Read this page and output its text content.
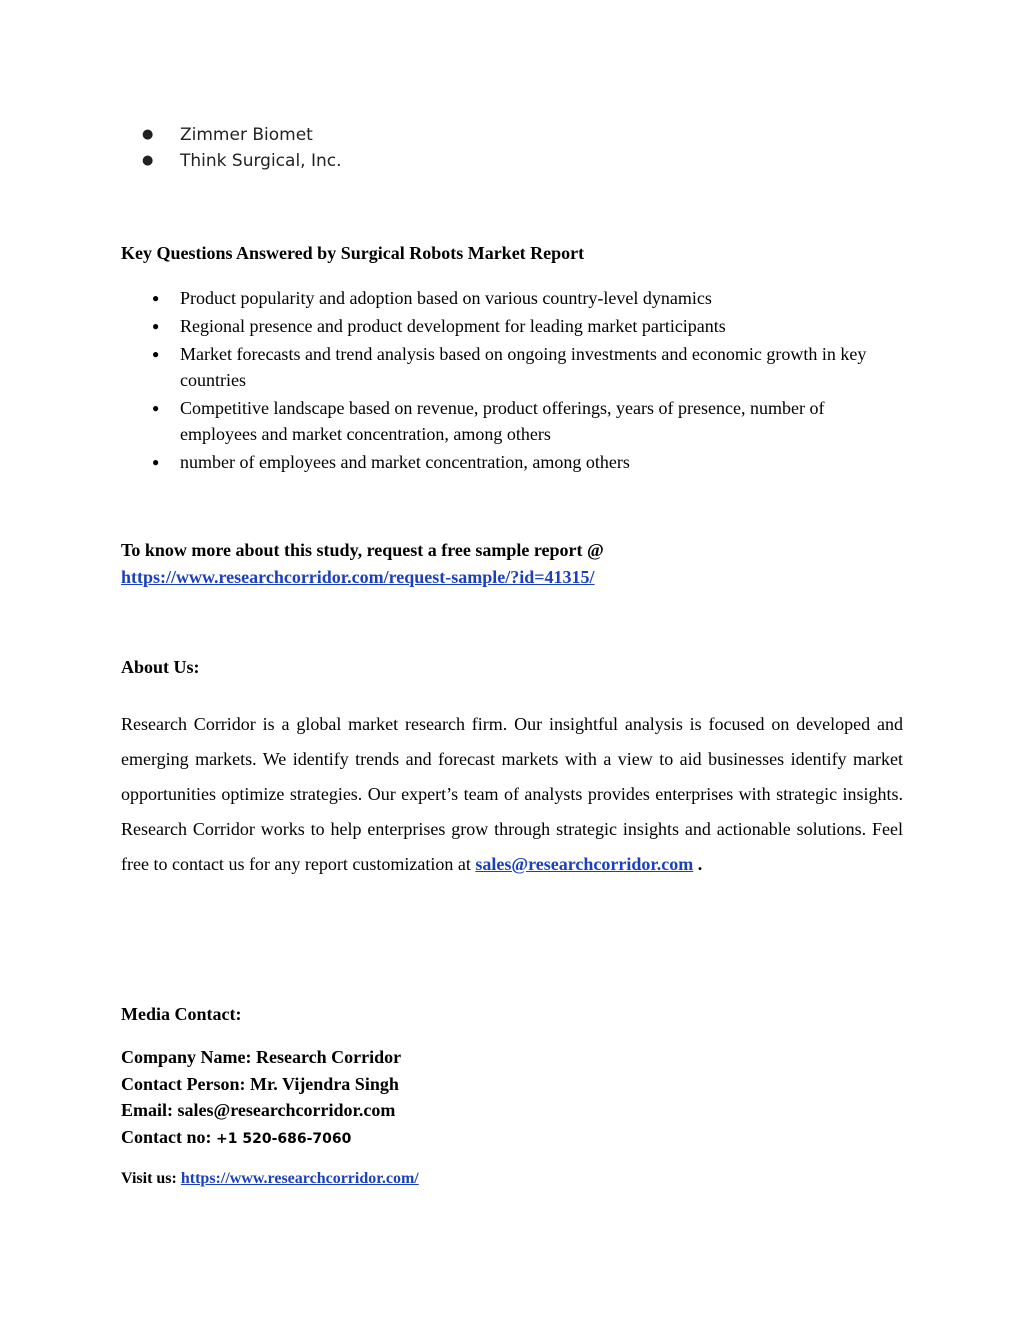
● Zimmer Biomet
● Think Surgical, Inc.
Key Questions Answered by Surgical Robots Market Report
● Product popularity and adoption based on various country-level dynamics
● Regional presence and product development for leading market participants
● Market forecasts and trend analysis based on ongoing investments and economic growth in key countries
● Competitive landscape based on revenue, product offerings, years of presence, number of employees and market concentration, among others
● number of employees and market concentration, among others
To know more about this study, request a free sample report @
https://www.researchcorridor.com/request-sample/?id=41315/
About Us:
Research Corridor is a global market research firm. Our insightful analysis is focused on developed and emerging markets. We identify trends and forecast markets with a view to aid businesses identify market opportunities optimize strategies. Our expert’s team of analysts provides enterprises with strategic insights. Research Corridor works to help enterprises grow through strategic insights and actionable solutions. Feel free to contact us for any report customization at sales@researchcorridor.com .
Media Contact:
Company Name: Research Corridor
Contact Person: Mr. Vijendra Singh
Email: sales@researchcorridor.com
Contact no: +1 520-686-7060
Visit us: https://www.researchcorridor.com/
